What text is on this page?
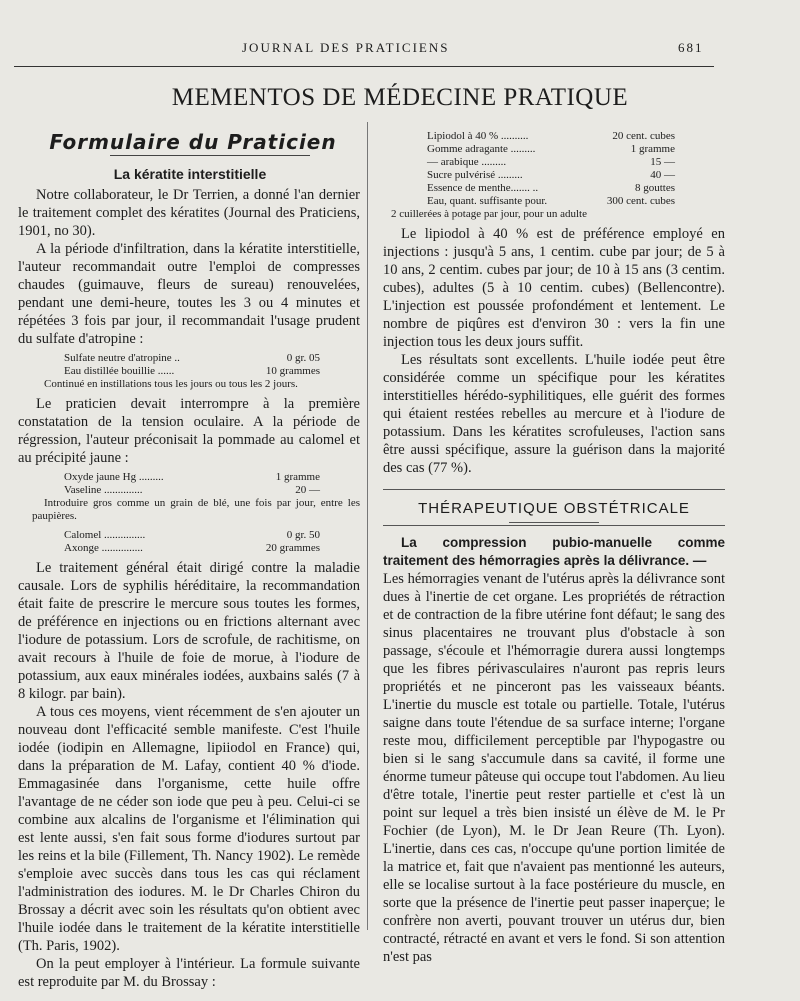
JOURNAL DES PRATICIENS	681
MEMENTOS DE MÉDECINE PRATIQUE
Formulaire du Praticien
La kératite interstitielle

Notre collaborateur, le Dr Terrien, a donné l'an dernier le traitement complet des kératites (Journal des Praticiens, 1901, no 30).

A la période d'infiltration, dans la kératite interstitielle, l'auteur recommandait outre l'emploi de compresses chaudes (guimauve, fleurs de sureau) renouvelées, pendant une demi-heure, toutes les 3 ou 4 minutes et répétées 3 fois par jour, il recommandait l'usage prudent du sulfate d'atropine :

Sulfate neutre d'atropine ..	0 gr. 05
Eau distillée bouillie ......	10 grammes
Continué en instillations tous les jours ou tous les 2 jours.

Le praticien devait interrompre à la première constatation de la tension oculaire. A la période de régression, l'auteur préconisait la pommade au calomel et au précipité jaune :

Oxyde jaune Hg .........	1 gramme
Vaseline ..............	20 —
Introduire gros comme un grain de blé, une fois par jour, entre les paupières.
Calomel ...............	0 gr. 50
Axonge ...............	20 grammes

Le traitement général était dirigé contre la maladie causale. Lors de syphilis héréditaire, la recommandation était faite de prescrire le mercure sous toutes les formes, de préférence en injections ou en frictions alternant avec l'iodure de potassium. Lors de scrofule, de rachitisme, on avait recours à l'huile de foie de morue, à l'iodure de potassium, aux eaux minérales iodées, auxbains salés (7 à 8 kilogr. par bain).

A tous ces moyens, vient récemment de s'en ajouter un nouveau dont l'efficacité semble manifeste. C'est l'huile iodée (iodipin en Allemagne, lipiiodol en France) qui, dans la préparation de M. Lafay, contient 40 % d'iode. Emmagasinée dans l'organisme, cette huile offre l'avantage de ne céder son iode que peu à peu. Celui-ci se combine aux alcalins de l'organisme et l'élimination qui est lente aussi, s'en fait sous forme d'iodures surtout par les reins et la bile (Fillement, Th. Nancy 1902). Le remède s'emploie avec succès dans tous les cas qui réclament l'administration des iodures. M. le Dr Charles Chiron du Brossay a décrit avec soin les résultats qu'on obtient avec l'huile iodée dans le traitement de la kératite interstitielle (Th. Paris, 1902).

On la peut employer à l'intérieur. La formule suivante est reproduite par M. du Brossay :

Lipiodol à 40 % ..........	20 cent. cubes
Gomme adragante .........	1 gramme
— arabique .........	15 —
Sucre pulvérisé .........	40 —
Essence de menthe....... ..	8 gouttes
Eau, quant. suffisante pour.	300 cent. cubes
2 cuillerées à potage par jour, pour un adulte

Le lipiodol à 40 % est de préférence employé en injections : jusqu'à 5 ans, 1 centim. cube par jour; de 5 à 10 ans, 2 centim. cubes par jour; de 10 à 15 ans (3 centim. cubes), adultes (5 à 10 centim. cubes) (Bellencontre). L'injection est poussée profondément et lentement. Le nombre de piqûres est d'environ 30 : vers la fin une injection tous les deux jours suffit.

Les résultats sont excellents. L'huile iodée peut être considérée comme un spécifique pour les kératites interstitielles hérédo-syphilitiques, elle guérit des formes qui étaient restées rebelles au mercure et à l'iodure de potassium. Dans les kératites scrofuleuses, l'action sans être aussi spécifique, assure la guérison dans la majorité des cas (77 %).

THÉRAPEUTIQUE OBSTÉTRICALE

La compression pubio-manuelle comme traitement des hémorragies après la délivrance. —

Les hémorragies venant de l'utérus après la délivrance sont dues à l'inertie de cet organe. Les propriétés de rétraction et de contraction de la fibre utérine font défaut; le sang des sinus placentaires ne trouvant plus d'obstacle à son passage, s'écoule et l'hémorragie durera aussi longtemps que les fibres périvasculaires n'auront pas repris leurs propriétés et ne pinceront pas les vaisseaux béants. L'inertie du muscle est totale ou partielle. Totale, l'utérus saigne dans toute l'étendue de sa surface interne; l'organe reste mou, difficilement perceptible par l'hypogastre ou bien si le sang s'accumule dans sa cavité, il forme une énorme tumeur pâteuse qui occupe tout l'abdomen. Au lieu d'être totale, l'inertie peut rester partielle et c'est là un point sur lequel a très bien insisté un élève de M. le Pr Fochier (de Lyon), M. le Dr Jean Reure (Th. Lyon). L'inertie, dans ces cas, n'occupe qu'une portion limitée de la matrice et, fait que n'avaient pas mentionné les auteurs, elle se localise surtout à la face postérieure du muscle, en sorte que la présence de l'inertie peut passer inaperçue; le confrère non averti, pouvant trouver un utérus dur, bien contracté, rétracté en avant et vers le fond. Si son attention n'est pas
